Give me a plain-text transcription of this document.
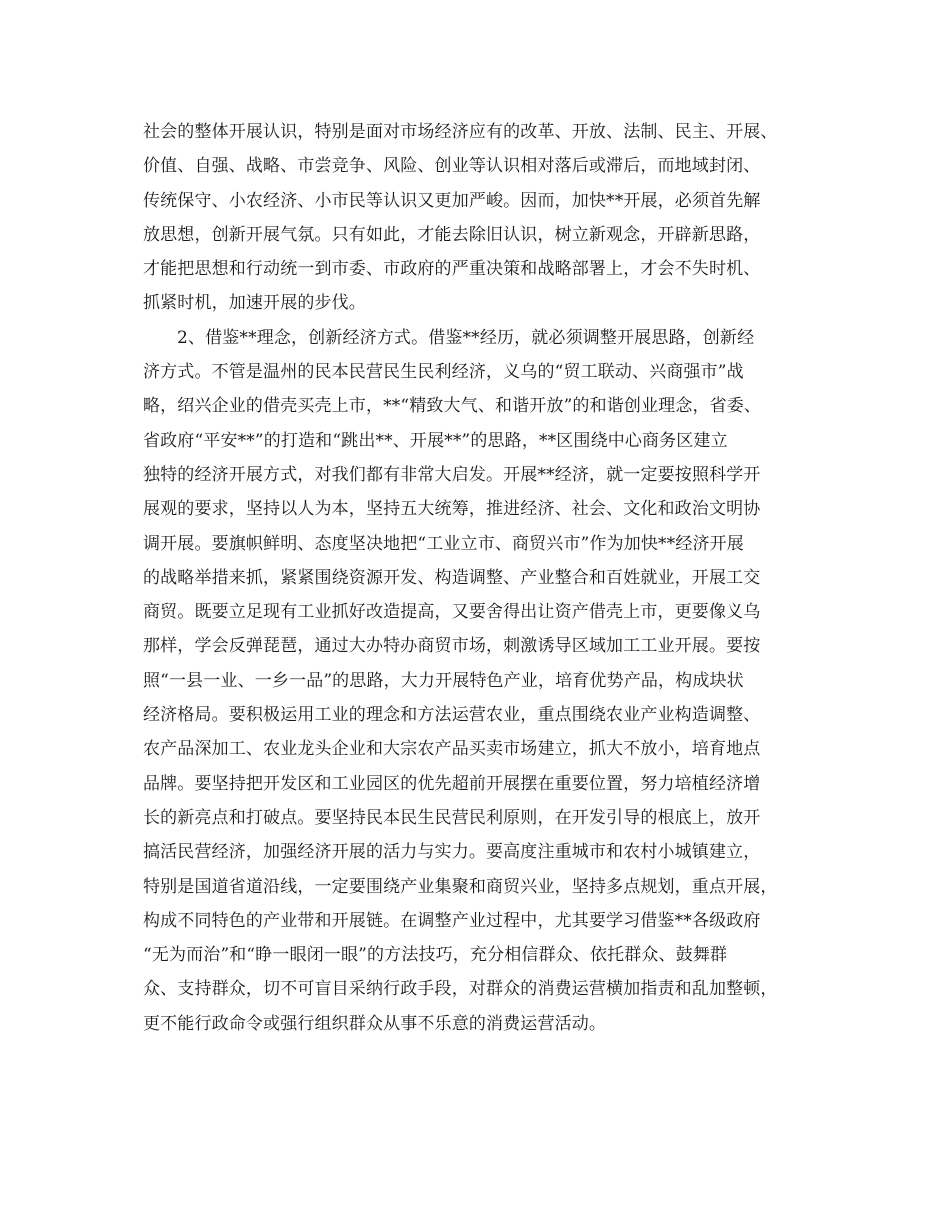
社会的整体开展认识，特别是面对市场经济应有的改革、开放、法制、民主、开展、
价值、自强、战略、市尝竞争、风险、创业等认识相对落后或滞后，而地域封闭、
传统保守、小农经济、小市民等认识又更加严峻。因而，加快**开展，必须首先解
放思想，创新开展气氛。只有如此，才能去除旧认识，树立新观念，开辟新思路，
才能把思想和行动统一到市委、市政府的严重决策和战略部署上，才会不失时机、
抓紧时机，加速开展的步伐。
2、借鉴**理念，创新经济方式。借鉴**经历，就必须调整开展思路，创新经
济方式。不管是温州的民本民营民生民利经济，义乌的“贸工联动、兴商强市”战
略，绍兴企业的借壳买壳上市，**“精致大气、和谐开放”的和谐创业理念，省委、
省政府“平安**”的打造和“跳出**、开展**”的思路，**区围绕中心商务区建立
独特的经济开展方式，对我们都有非常大启发。开展**经济，就一定要按照科学开
展观的要求，坚持以人为本，坚持五大统筹，推进经济、社会、文化和政治文明协
调开展。要旗帜鲜明、态度坚决地把“工业立市、商贸兴市”作为加快**经济开展
的战略举措来抓，紧紧围绕资源开发、构造调整、产业整合和百姓就业，开展工交
商贸。既要立足现有工业抓好改造提高，又要舍得出让资产借壳上市，更要像义乌
那样，学会反弹琵琶，通过大办特办商贸市场，刺激诱导区域加工工业开展。要按
照“一县一业、一乡一品”的思路，大力开展特色产业，培育优势产品，构成块状
经济格局。要积极运用工业的理念和方法运营农业，重点围绕农业产业构造调整、
农产品深加工、农业龙头企业和大宗农产品买卖市场建立，抓大不放小，培育地点
品牌。要坚持把开发区和工业园区的优先超前开展摆在重要位置，努力培植经济增
长的新亮点和打破点。要坚持民本民生民营民利原则，在开发引导的根底上，放开
搞活民营经济，加强经济开展的活力与实力。要高度注重城市和农村小城镇建立，
特别是国道省道沿线，一定要围绕产业集聚和商贸兴业，坚持多点规划，重点开展，
构成不同特色的产业带和开展链。在调整产业过程中，尤其要学习借鉴**各级政府
“无为而治”和“睁一眼闭一眼”的方法技巧，充分相信群众、依托群众、鼓舞群
众、支持群众，切不可盲目采纳行政手段，对群众的消费运营横加指责和乱加整顿，
更不能行政命令或强行组织群众从事不乐意的消费运营活动。
